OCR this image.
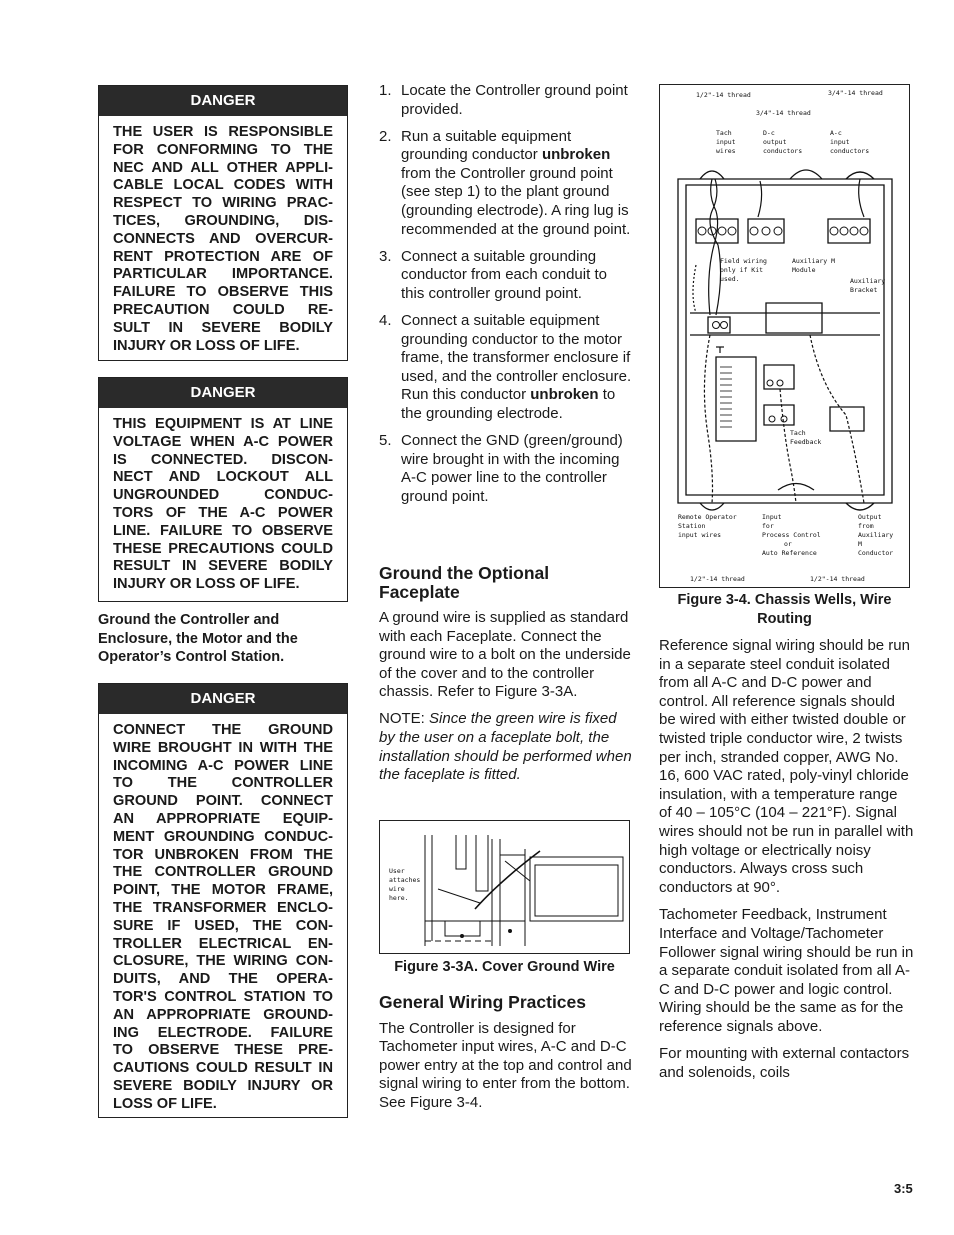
DANGER
THE USER IS RESPONSIBLE
FOR CONFORMING TO THE
NEC AND ALL OTHER APPLI-
CABLE LOCAL CODES WITH
RESPECT TO WIRING PRAC-
TICES, GROUNDING, DIS-
CONNECTS AND OVERCUR-
RENT PROTECTION ARE OF
PARTICULAR IMPORTANCE.
FAILURE TO OBSERVE THIS
PRECAUTION COULD RE-
SULT IN SEVERE BODILY
INJURY OR LOSS OF LIFE.
DANGER
THIS EQUIPMENT IS AT LINE
VOLTAGE WHEN A-C POWER
IS CONNECTED. DISCON-
NECT AND LOCKOUT ALL
UNGROUNDED CONDUC-
TORS OF THE A-C POWER
LINE. FAILURE TO OBSERVE
THESE PRECAUTIONS COULD
RESULT IN SEVERE BODILY
INJURY OR LOSS OF LIFE.
Ground the Controller and Enclosure, the Motor and the Operator’s Control Station.
DANGER
CONNECT THE GROUND
WIRE BROUGHT IN WITH THE
INCOMING A-C POWER LINE
TO THE CONTROLLER
GROUND POINT. CONNECT
AN APPROPRIATE EQUIP-
MENT GROUNDING CONDUC-
TOR UNBROKEN FROM THE
THE CONTROLLER GROUND
POINT, THE MOTOR FRAME,
THE TRANSFORMER ENCLO-
SURE IF USED, THE CON-
TROLLER ELECTRICAL EN-
CLOSURE, THE WIRING CON-
DUITS, AND THE OPERA-
TOR'S CONTROL STATION TO
AN APPROPRIATE GROUND-
ING ELECTRODE. FAILURE
TO OBSERVE THESE PRE-
CAUTIONS COULD RESULT IN
SEVERE BODILY INJURY OR
LOSS OF LIFE.
1. Locate the Controller ground point provided.
2. Run a suitable equipment grounding conductor unbroken from the Controller ground point (see step 1) to the plant ground (grounding electrode). A ring lug is recommended at the ground point.
3. Connect a suitable grounding conductor from each conduit to this controller ground point.
4. Connect a suitable equipment grounding conductor to the motor frame, the transformer enclosure if used, and the controller enclosure. Run this conductor unbroken to the grounding electrode.
5. Connect the GND (green/ground) wire brought in with the incoming A-C power line to the controller ground point.
Ground the Optional Faceplate

A ground wire is supplied as standard with each Faceplate. Connect the ground wire to a bolt on the underside of the cover and to the controller chassis. Refer to Figure 3-3A.

NOTE: Since the green wire is fixed by the user on a faceplate bolt, the installation should be performed when the faceplate is fitted.

User
attaches
wire
here.
Figure 3-3A. Cover Ground Wire
General Wiring Practices

The Controller is designed for Tachometer input wires, A-C and D-C power entry at the top and control and signal wiring to enter from the bottom. See Figure 3-4.

1/2"-14 thread	3/4"-14 thread
3/4"-14 thread
Tach
input
wires
D-c
output
conductors
A-c
input
conductors
Field wiring
only if Kit
used.
Auxiliary M
Module
Auxiliary
Bracket
Tach
Feedback
Remote Operator
Station
input wires
Input
for
Process Control
or
Auto Reference
Output
from
Auxiliary
M
Conductor
1/2"-14 thread	1/2"-14 thread
Figure 3-4. Chassis Wells, Wire Routing

Reference signal wiring should be run in a separate steel conduit isolated from all A-C and D-C power and control. All reference signals should be wired with either twisted double or twisted triple conductor wire, 2 twists per inch, stranded copper, AWG No. 16, 600 VAC rated, poly-vinyl chloride insulation, with a temperature range of 40 – 105°C (104 – 221°F). Signal wires should not be run in parallel with high voltage or electrically noisy conductors. Always cross such conductors at 90°.

Tachometer Feedback, Instrument Interface and Voltage/Tachometer Follower signal wiring should be run in a separate conduit isolated from all A-C and D-C power and logic control. Wiring should be the same as for the reference signals above.

For mounting with external contactors and solenoids, coils

3:5
